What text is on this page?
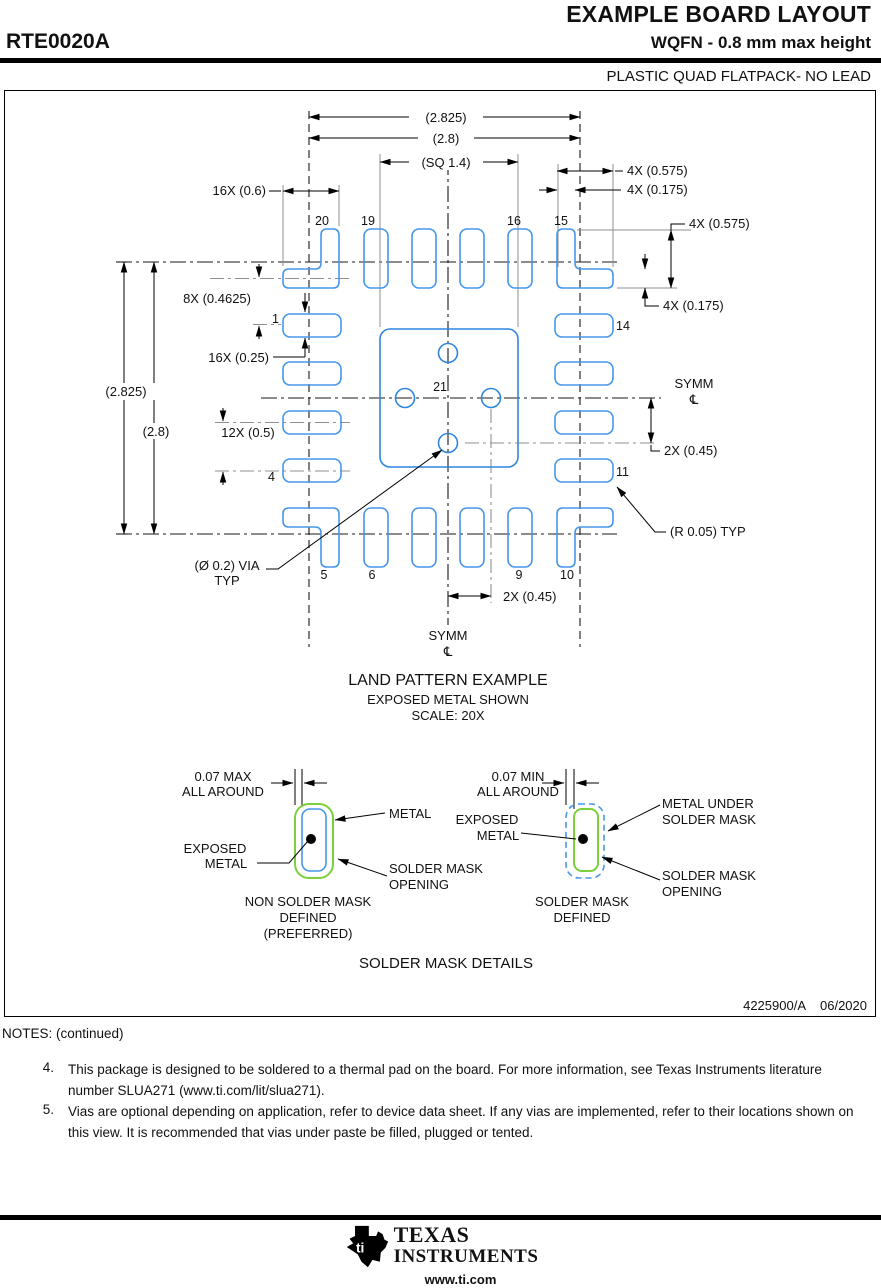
EXAMPLE BOARD LAYOUT
RTE0020A	WQFN - 0.8 mm max height
PLASTIC QUAD FLATPACK- NO LEAD
(2.825)
(2.8)
(SQ 1.4)
4X (0.575)
4X (0.175)
4X (0.575)
4X (0.175)
16X (0.6)
8X (0.4625)
16X (0.25)
(2.825)
(2.8)	12X (0.5)
SYMM
℄
2X (0.45)
(R 0.05) TYP
(Ø 0.2) VIA
TYP
2X (0.45)
SYMM
℄
20	19	16	15
1
4
14
11
21
5	6	9	10
LAND PATTERN EXAMPLE
EXPOSED METAL SHOWN
SCALE: 20X
0.07 MAX
ALL AROUND
METAL
EXPOSED
METAL	SOLDER MASK
OPENING
NON SOLDER MASK
DEFINED
(PREFERRED)
0.07 MIN
ALL AROUND
EXPOSED
METAL
METAL UNDER
SOLDER MASK
SOLDER MASK
OPENING
SOLDER MASK
DEFINED
SOLDER MASK DETAILS
4225900/A 06/2020
NOTES: (continued)
4. This package is designed to be soldered to a thermal pad on the board. For more information, see Texas Instruments literature number SLUA271 (www.ti.com/lit/slua271).
5. Vias are optional depending on application, refer to device data sheet. If any vias are implemented, refer to their locations shown on this view. It is recommended that vias under paste be filled, plugged or tented.
ti
TEXAS
INSTRUMENTS
www.ti.com
